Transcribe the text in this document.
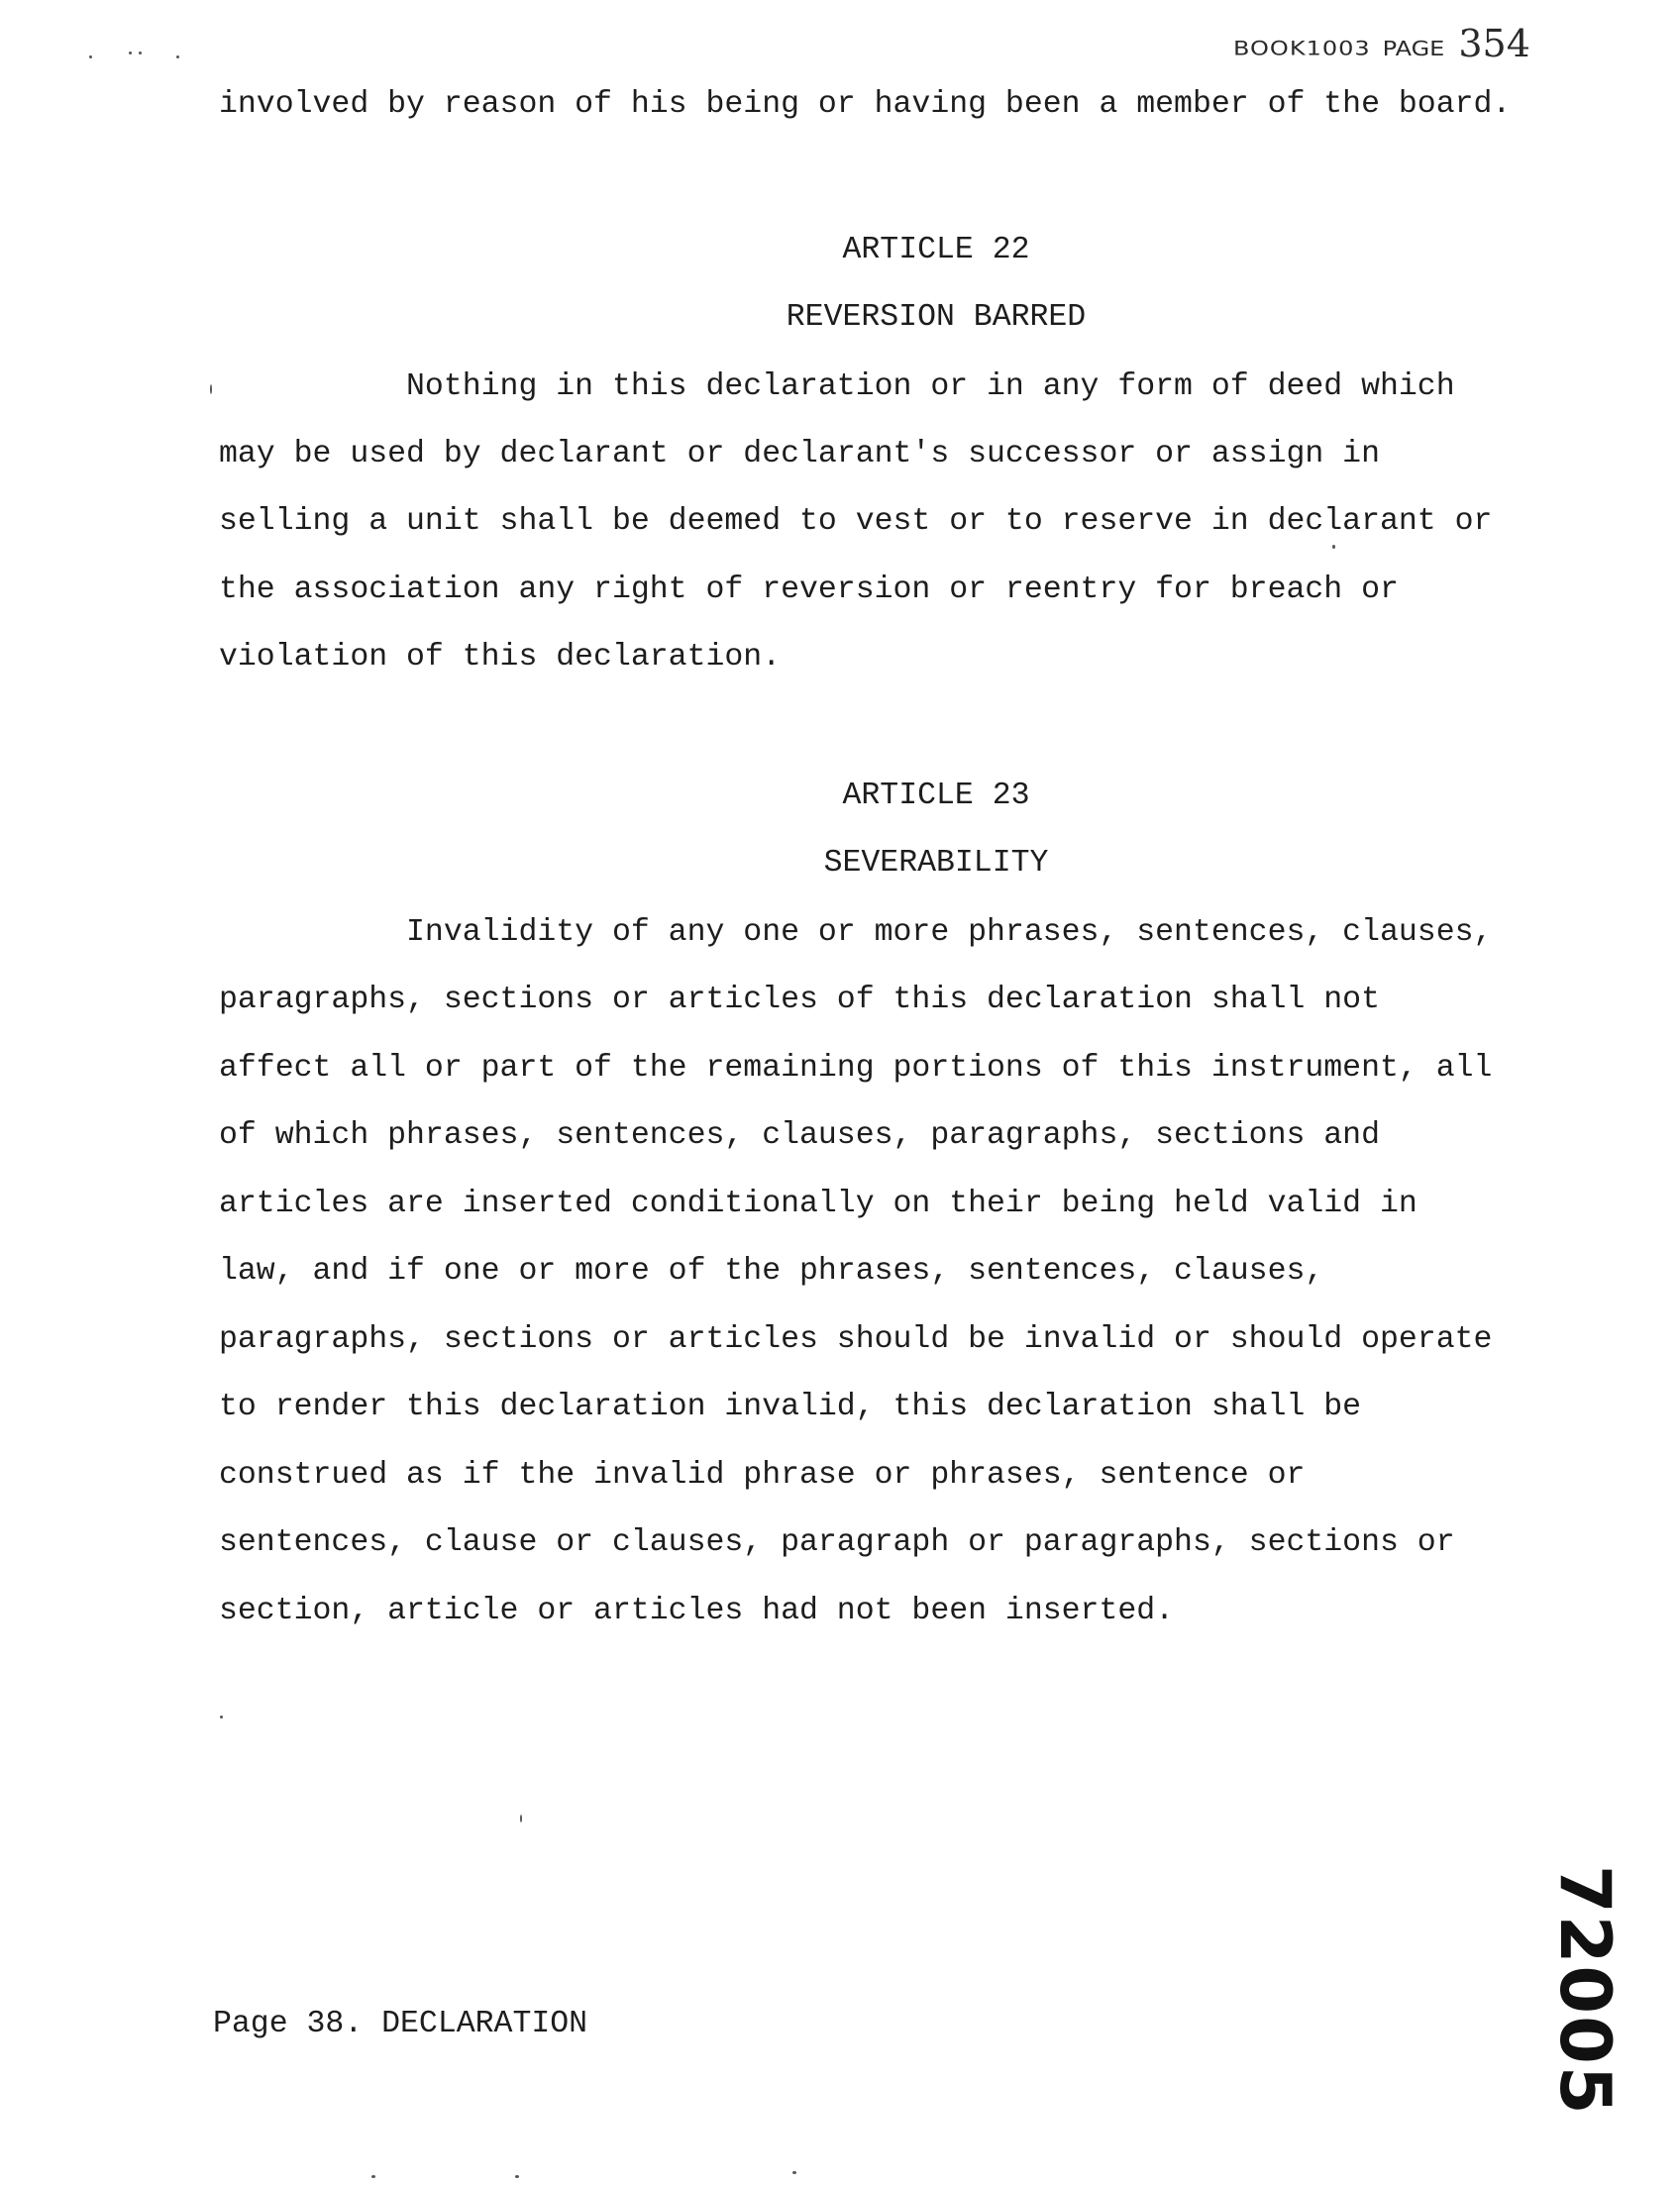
BOOK1003 PAGE 354
involved by reason of his being or having been a member of the board.
ARTICLE 22
REVERSION BARRED
Nothing in this declaration or in any form of deed which
may be used by declarant or declarant's successor or assign in
selling a unit shall be deemed to vest or to reserve in declarant or
the association any right of reversion or reentry for breach or
violation of this declaration.
ARTICLE 23
SEVERABILITY
Invalidity of any one or more phrases, sentences, clauses,
paragraphs, sections or articles of this declaration shall not
affect all or part of the remaining portions of this instrument, all
of which phrases, sentences, clauses, paragraphs, sections and
articles are inserted conditionally on their being held valid in
law, and if one or more of the phrases, sentences, clauses,
paragraphs, sections or articles should be invalid or should operate
to render this declaration invalid, this declaration shall be
construed as if the invalid phrase or phrases, sentence or
sentences, clause or clauses, paragraph or paragraphs, sections or
section, article or articles had not been inserted.
Page 38. DECLARATION	72005
